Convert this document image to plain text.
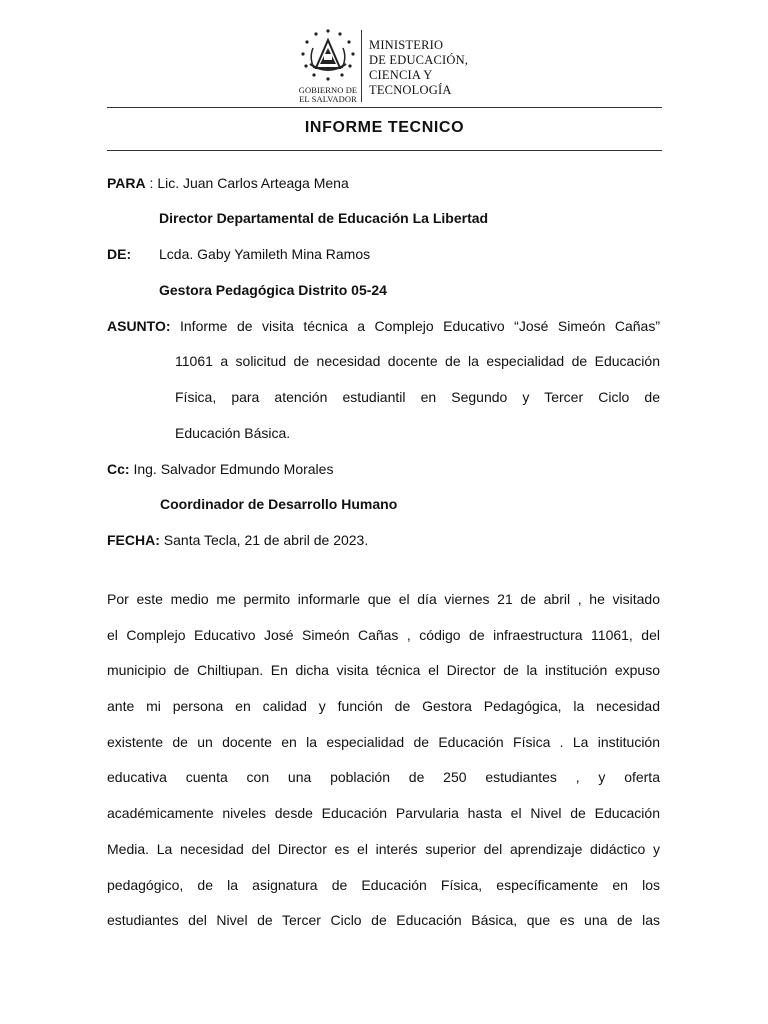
GOBIERNO DE
EL SALVADOR
MINISTERIO
DE EDUCACIÓN,
CIENCIA Y
TECNOLOGÍA
INFORME TECNICO
PARA : Lic. Juan Carlos Arteaga Mena
Director Departamental de Educación La Libertad
DE: Lcda. Gaby Yamileth Mina Ramos
Gestora Pedagógica Distrito 05-24
ASUNTO: Informe de visita técnica a Complejo Educativo “José Simeón Cañas”
11061 a solicitud de necesidad docente de la especialidad de Educación
Física, para atención estudiantil en Segundo y Tercer Ciclo de
Educación Básica.
Cc: Ing. Salvador Edmundo Morales
Coordinador de Desarrollo Humano
FECHA: Santa Tecla, 21 de abril de 2023.
Por este medio me permito informarle que el día viernes 21 de abril , he visitado
el Complejo Educativo José Simeón Cañas , código de infraestructura 11061, del
municipio de Chiltiupan. En dicha visita técnica el Director de la institución expuso
ante mi persona en calidad y función de Gestora Pedagógica, la necesidad
existente de un docente en la especialidad de Educación Física . La institución
educativa cuenta con una población de 250 estudiantes , y oferta
académicamente niveles desde Educación Parvularia hasta el Nivel de Educación
Media. La necesidad del Director es el interés superior del aprendizaje didáctico y
pedagógico, de la asignatura de Educación Física, específicamente en los
estudiantes del Nivel de Tercer Ciclo de Educación Básica, que es una de las
